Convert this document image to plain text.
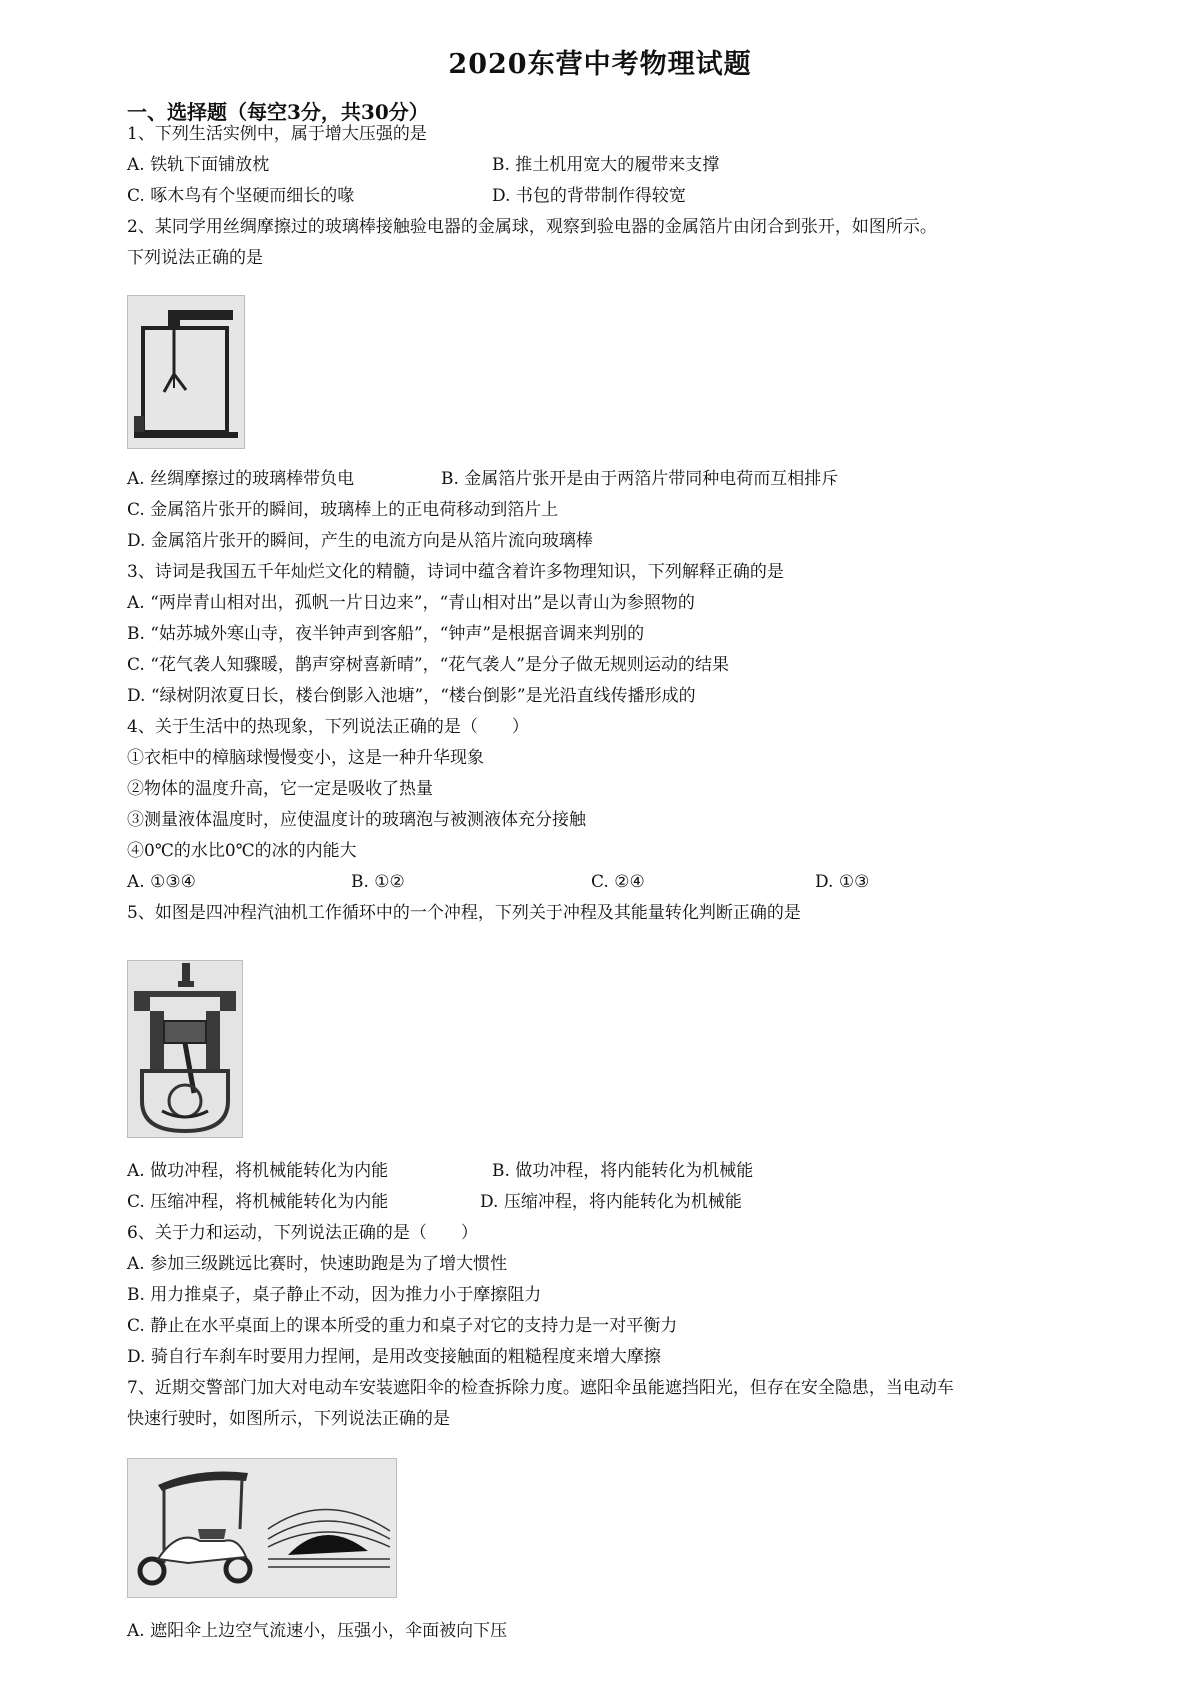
2020东营中考物理试题
一、选择题（每空3分，共30分）
1、下列生活实例中，属于增大压强的是
A. 铁轨下面铺放枕	B. 推土机用宽大的履带来支撑
C. 啄木鸟有个坚硬而细长的喙	D. 书包的背带制作得较宽
2、某同学用丝绸摩擦过的玻璃棒接触验电器的金属球，观察到验电器的金属箔片由闭合到张开，如图所示。
下列说法正确的是
A. 丝绸摩擦过的玻璃棒带负电	B. 金属箔片张开是由于两箔片带同种电荷而互相排斥
C. 金属箔片张开的瞬间，玻璃棒上的正电荷移动到箔片上
D. 金属箔片张开的瞬间，产生的电流方向是从箔片流向玻璃棒
3、诗词是我国五千年灿烂文化的精髓，诗词中蕴含着许多物理知识，下列解释正确的是
A. “两岸青山相对出，孤帆一片日边来”，“青山相对出”是以青山为参照物的
B. “姑苏城外寒山寺，夜半钟声到客船”，“钟声”是根据音调来判别的
C. “花气袭人知骤暖，鹊声穿树喜新晴”，“花气袭人”是分子做无规则运动的结果
D. “绿树阴浓夏日长，楼台倒影入池塘”，“楼台倒影”是光沿直线传播形成的
4、关于生活中的热现象，下列说法正确的是（　　）
①衣柜中的樟脑球慢慢变小，这是一种升华现象
②物体的温度升高，它一定是吸收了热量
③测量液体温度时，应使温度计的玻璃泡与被测液体充分接触
④0℃的水比0℃的冰的内能大
A. ①③④	B. ①②	C. ②④	D. ①③
5、如图是四冲程汽油机工作循环中的一个冲程，下列关于冲程及其能量转化判断正确的是
A. 做功冲程，将机械能转化为内能	B. 做功冲程，将内能转化为机械能
C. 压缩冲程，将机械能转化为内能	D. 压缩冲程，将内能转化为机械能
6、关于力和运动，下列说法正确的是（　　）
A. 参加三级跳远比赛时，快速助跑是为了增大惯性
B. 用力推桌子，桌子静止不动，因为推力小于摩擦阻力
C. 静止在水平桌面上的课本所受的重力和桌子对它的支持力是一对平衡力
D. 骑自行车刹车时要用力捏闸，是用改变接触面的粗糙程度来增大摩擦
7、近期交警部门加大对电动车安装遮阳伞的检查拆除力度。遮阳伞虽能遮挡阳光，但存在安全隐患，当电动车
快速行驶时，如图所示，下列说法正确的是
A. 遮阳伞上边空气流速小，压强小，伞面被向下压
